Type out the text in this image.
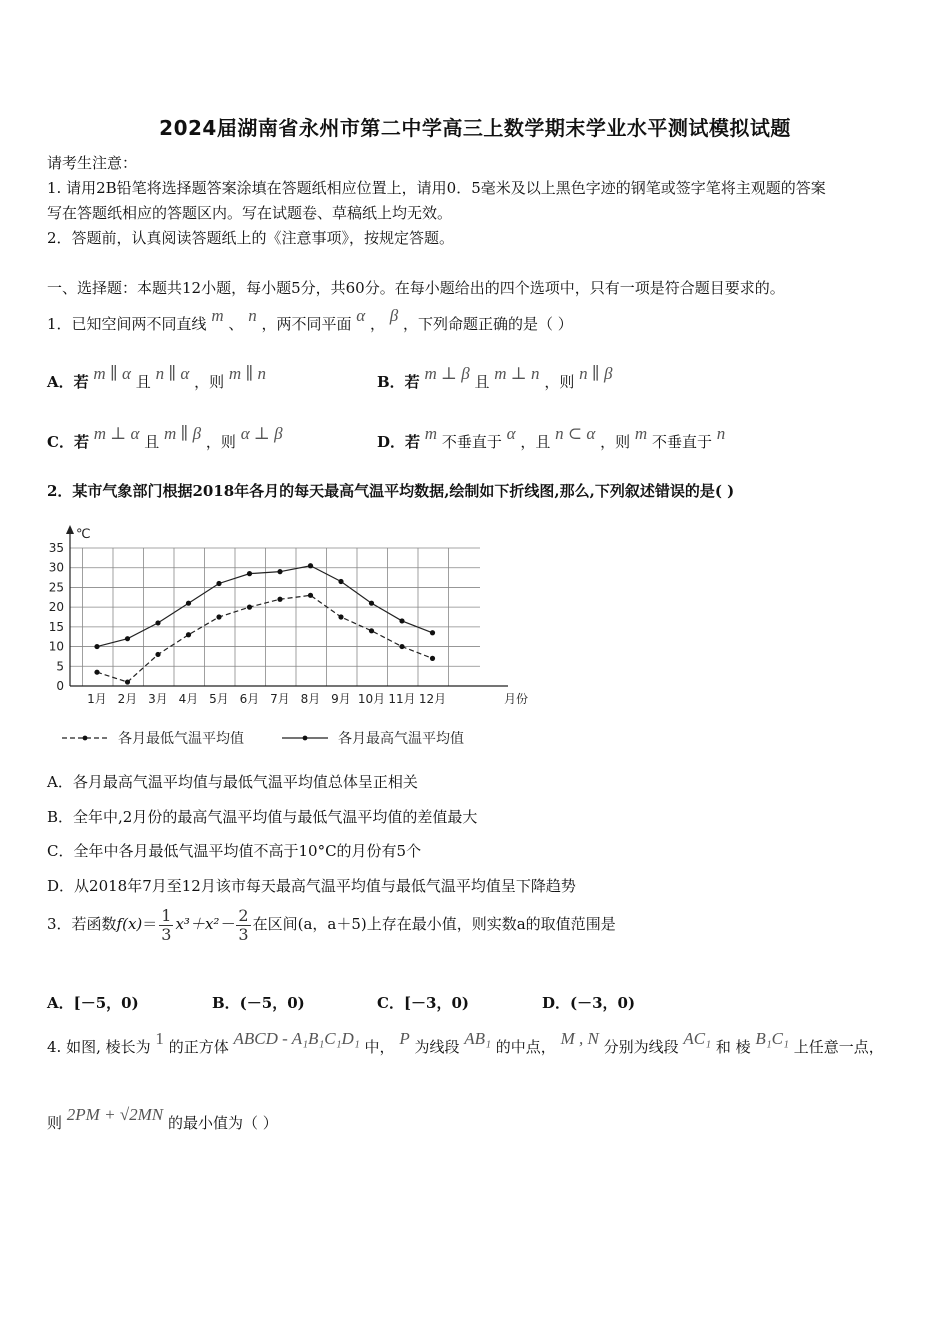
2024届湖南省永州市第二中学高三上数学期末学业水平测试模拟试题
请考生注意：
1. 请用2B铅笔将选择题答案涂填在答题纸相应位置上，请用0．5毫米及以上黑色字迹的钢笔或签字笔将主观题的答案
写在答题纸相应的答题区内。写在试题卷、草稿纸上均无效。
2．答题前，认真阅读答题纸上的《注意事项》，按规定答题。
一、选择题：本题共12小题，每小题5分，共60分。在每小题给出的四个选项中，只有一项是符合题目要求的。
1．已知空间两不同直线 m 、 n ，两不同平面 α ， β ，下列命题正确的是（ ）
A．若 m ∥ α 且 n ∥ α ，则 m ∥ n	B．若 m ⊥ β 且 m ⊥ n ，则 n ∥ β
C．若 m ⊥ α 且 m ∥ β ，则 α ⊥ β	D．若 m 不垂直于 α ，且 n ⊂ α ，则 m 不垂直于 n
2．某市气象部门根据2018年各月的每天最高气温平均数据,绘制如下折线图,那么,下列叙述错误的是( )
0
5
10
15
20
25
30
35
℃
1月 2月 3月 4月 5月 6月 7月 8月 9月 10月 11月 12月	月份
各月最低气温平均值	各月最高气温平均值
A．各月最高气温平均值与最低气温平均值总体呈正相关
B．全年中,2月份的最高气温平均值与最低气温平均值的差值最大
C．全年中各月最低气温平均值不高于10°C的月份有5个
D．从2018年7月至12月该市每天最高气温平均值与最低气温平均值呈下降趋势
3．若函数$f(x)= \frac{1}{3} x^3+x^2- \frac{2}{3}$ 在区间(a，a＋5)上存在最小值，则实数a的取值范围是
A．[－5，0)	B．(－5，0)	C．[－3，0)	D．(－3，0)
4. 如图, 棱长为 1 的正方体 ABCD - A₁B₁C₁D₁ 中， P 为线段 AB₁ 的中点， M , N 分别为线段 AC₁ 和 棱 B₁C₁ 上任意一点，
则 2PM + √2MN 的最小值为（ ）
